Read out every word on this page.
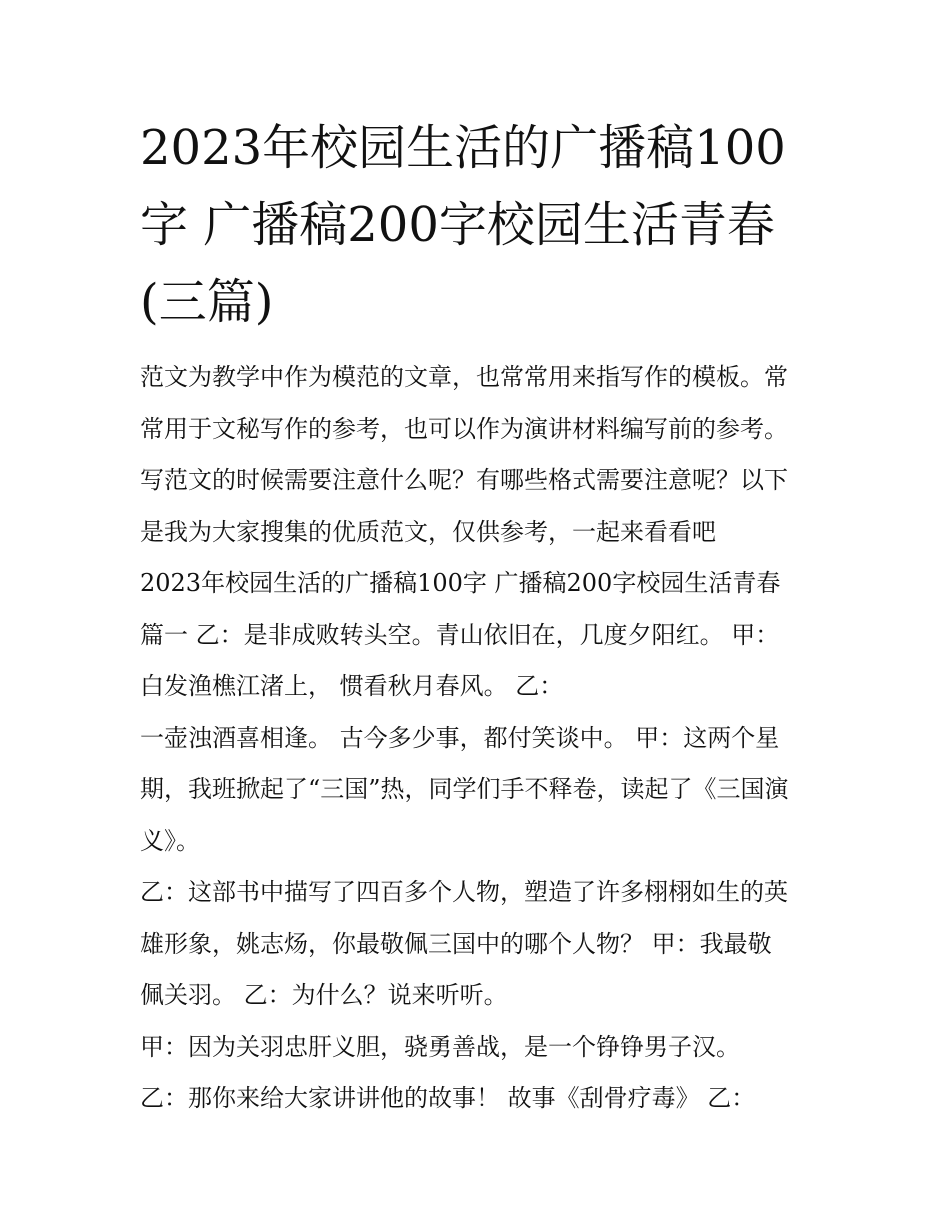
2023年校园生活的广播稿100
字 广播稿200字校园生活青春
(三篇)
范文为教学中作为模范的文章，也常常用来指写作的模板。常
常用于文秘写作的参考，也可以作为演讲材料编写前的参考。
写范文的时候需要注意什么呢？有哪些格式需要注意呢？以下
是我为大家搜集的优质范文，仅供参考，一起来看看吧
2023年校园生活的广播稿100字 广播稿200字校园生活青春
篇一 乙：是非成败转头空。青山依旧在，几度夕阳红。 甲：
白发渔樵江渚上， 惯看秋月春风。 乙：
一壶浊酒喜相逢。 古今多少事，都付笑谈中。 甲：这两个星
期，我班掀起了“三国”热，同学们手不释卷，读起了《三国演
义》。
乙：这部书中描写了四百多个人物，塑造了许多栩栩如生的英
雄形象，姚志炀，你最敬佩三国中的哪个人物？ 甲：我最敬
佩关羽。 乙：为什么？说来听听。
甲：因为关羽忠肝义胆，骁勇善战，是一个铮铮男子汉。
乙：那你来给大家讲讲他的故事！ 故事《刮骨疗毒》 乙：
